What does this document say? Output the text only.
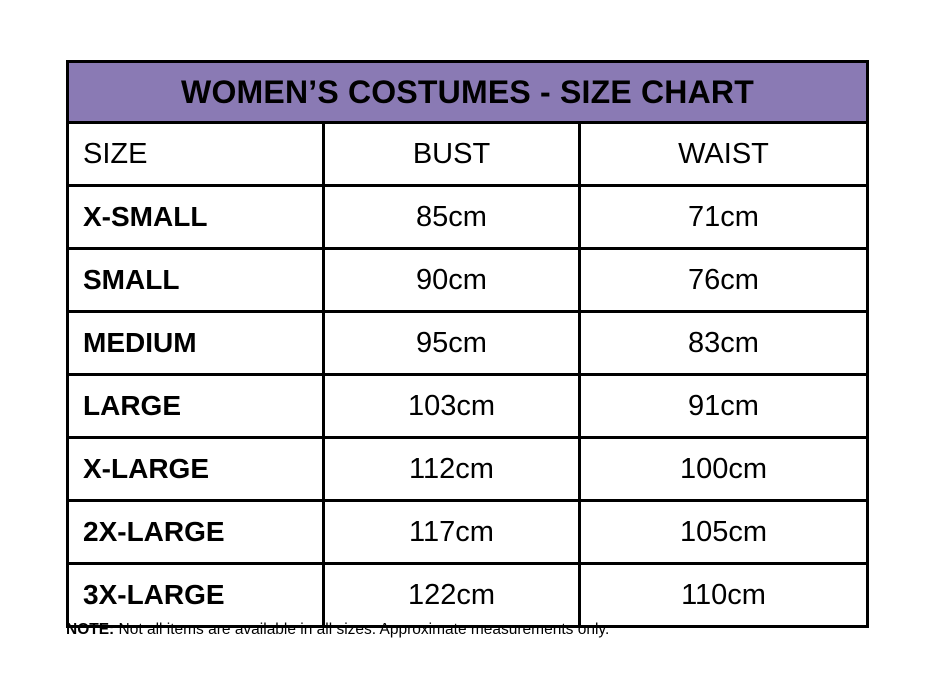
WOMEN’S COSTUMES - SIZE CHART		
SIZE	BUST	WAIST
X-SMALL	85cm	71cm
SMALL	90cm	76cm
MEDIUM	95cm	83cm
LARGE	103cm	91cm
X-LARGE	112cm	100cm
2X-LARGE	117cm	105cm
3X-LARGE	122cm	110cm
NOTE: Not all items are available in all sizes. Approximate measurements only.
